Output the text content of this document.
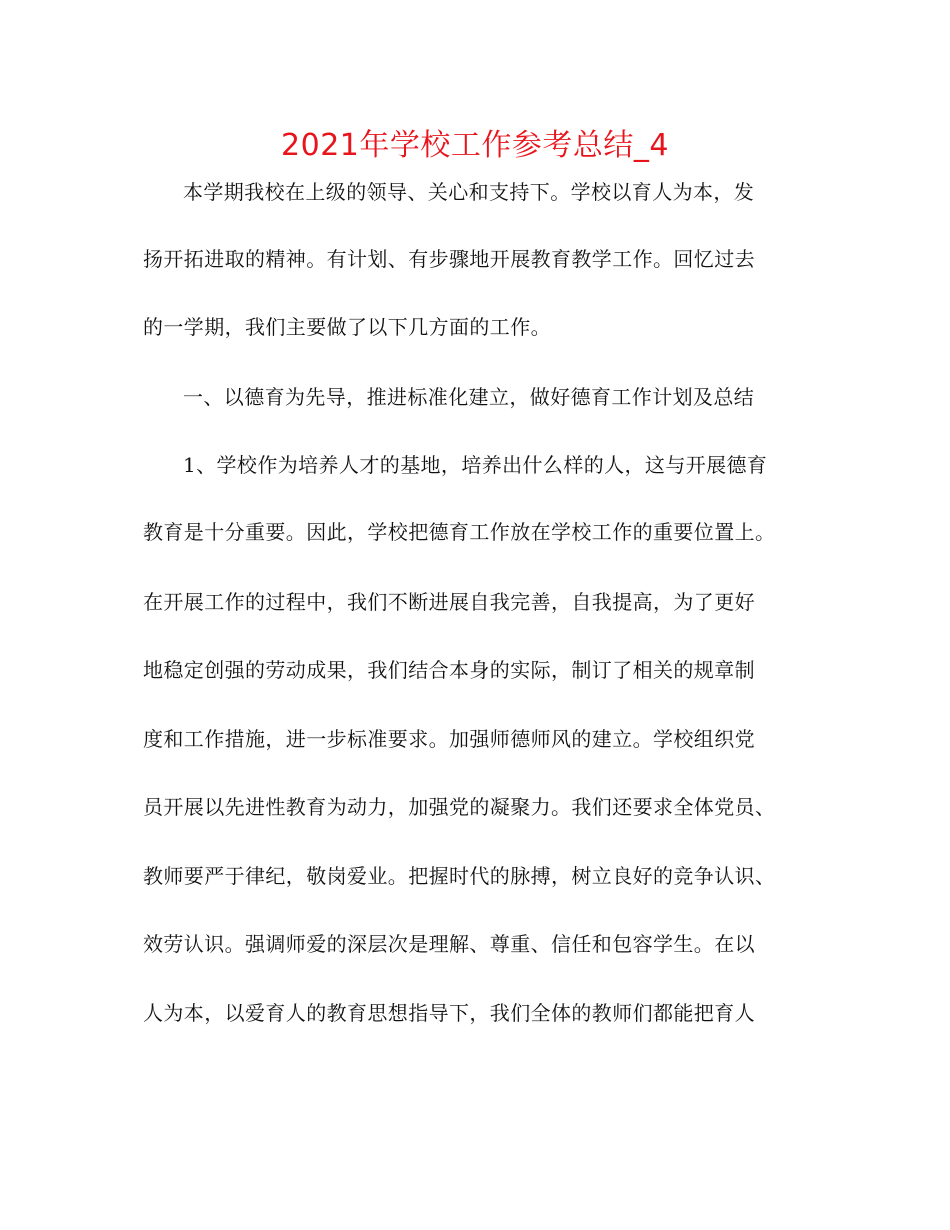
2021年学校工作参考总结_4
本学期我校在上级的领导、关心和支持下。学校以育人为本，发
扬开拓进取的精神。有计划、有步骤地开展教育教学工作。回忆过去
的一学期，我们主要做了以下几方面的工作。
一、以德育为先导，推进标准化建立，做好德育工作计划及总结
1、学校作为培养人才的基地，培养出什么样的人，这与开展德育
教育是十分重要。因此，学校把德育工作放在学校工作的重要位置上。
在开展工作的过程中，我们不断进展自我完善，自我提高，为了更好
地稳定创强的劳动成果，我们结合本身的实际，制订了相关的规章制
度和工作措施，进一步标准要求。加强师德师风的建立。学校组织党
员开展以先进性教育为动力，加强党的凝聚力。我们还要求全体党员、
教师要严于律纪，敬岗爱业。把握时代的脉搏，树立良好的竞争认识、
效劳认识。强调师爱的深层次是理解、尊重、信任和包容学生。在以
人为本，以爱育人的教育思想指导下，我们全体的教师们都能把育人
